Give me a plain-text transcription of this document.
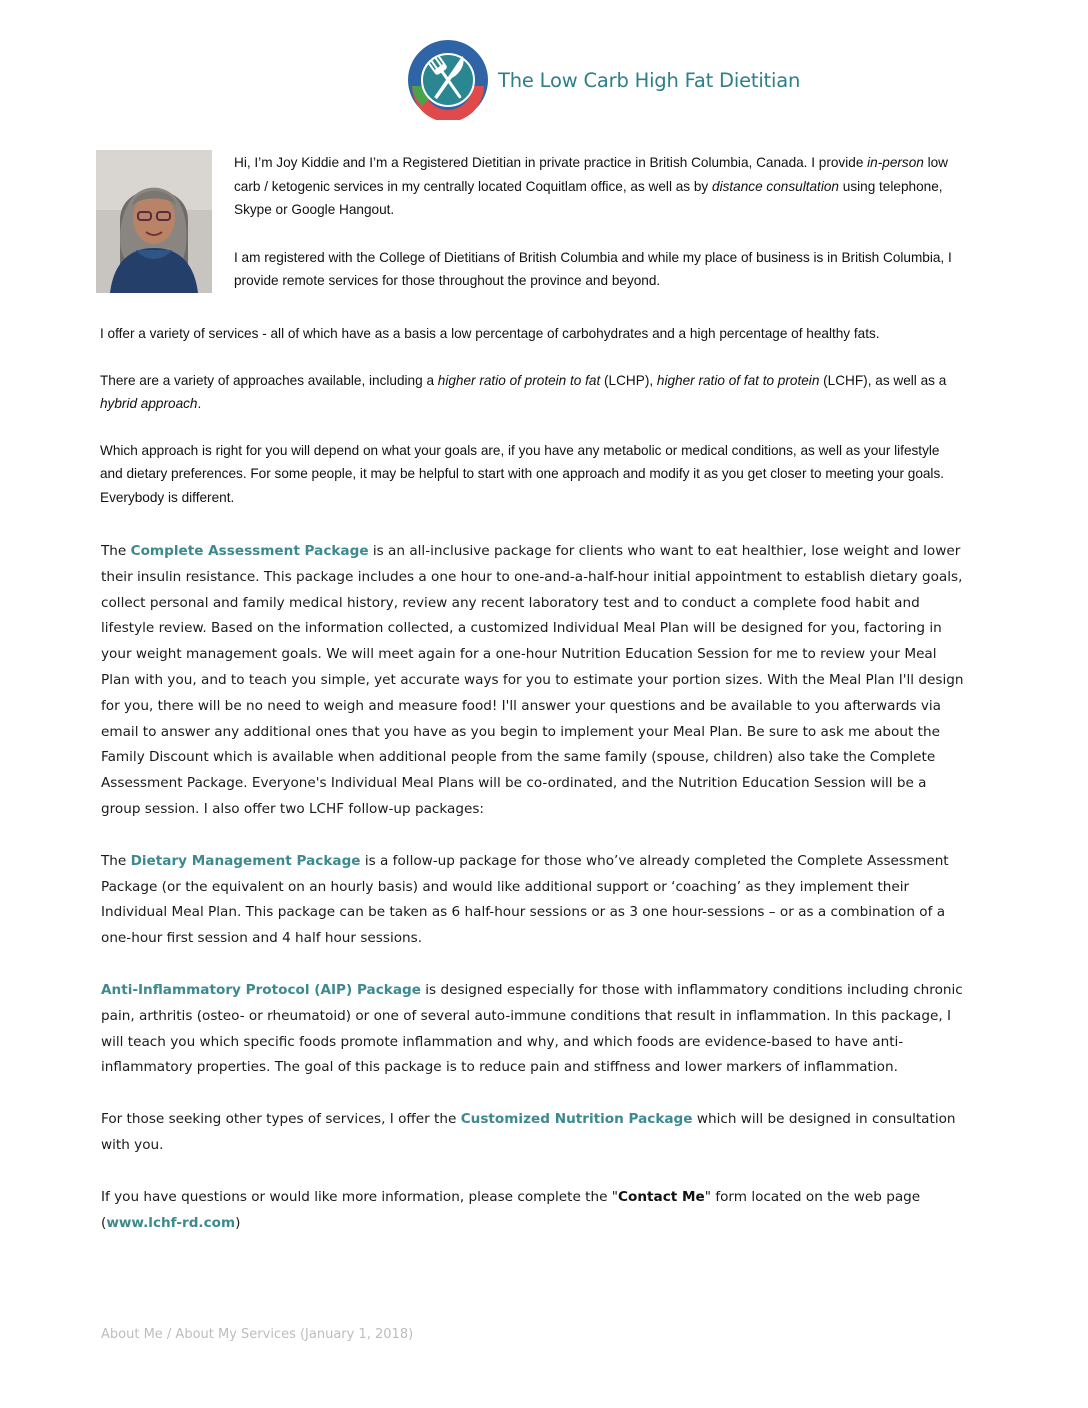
The Low Carb High Fat Dietitian

Hi, I’m Joy Kiddie and I’m a Registered Dietitian in private practice in British Columbia, Canada. I provide in-person low carb / ketogenic services in my centrally located Coquitlam office, as well as by distance consultation using telephone, Skype or Google Hangout.

I am registered with the College of Dietitians of British Columbia and while my place of business is in British Columbia, I provide remote services for those throughout the province and beyond.

I offer a variety of services - all of which have as a basis a low percentage of carbohydrates and a high percentage of healthy fats.

There are a variety of approaches available, including a higher ratio of protein to fat (LCHP), higher ratio of fat to protein (LCHF), as well as a hybrid approach.

Which approach is right for you will depend on what your goals are, if you have any metabolic or medical conditions, as well as your lifestyle and dietary preferences. For some people, it may be helpful to start with one approach and modify it as you get closer to meeting your goals. Everybody is different.

The Complete Assessment Package is an all-inclusive package for clients who want to eat healthier, lose weight and lower their insulin resistance. This package includes a one hour to one-and-a-half-hour initial appointment to establish dietary goals, collect personal and family medical history, review any recent laboratory test and to conduct a complete food habit and lifestyle review. Based on the information collected, a customized Individual Meal Plan will be designed for you, factoring in your weight management goals. We will meet again for a one-hour Nutrition Education Session for me to review your Meal Plan with you, and to teach you simple, yet accurate ways for you to estimate your portion sizes. With the Meal Plan I'll design for you, there will be no need to weigh and measure food! I'll answer your questions and be available to you afterwards via email to answer any additional ones that you have as you begin to implement your Meal Plan. Be sure to ask me about the Family Discount which is available when additional people from the same family (spouse, children) also take the Complete Assessment Package. Everyone's Individual Meal Plans will be co-ordinated, and the Nutrition Education Session will be a group session. I also offer two LCHF follow-up packages:

The Dietary Management Package is a follow-up package for those who’ve already completed the Complete Assessment Package (or the equivalent on an hourly basis) and would like additional support or ‘coaching’ as they implement their Individual Meal Plan. This package can be taken as 6 half-hour sessions or as 3 one hour-sessions – or as a combination of a one-hour first session and 4 half hour sessions.

Anti-Inflammatory Protocol (AIP) Package is designed especially for those with inflammatory conditions including chronic pain, arthritis (osteo- or rheumatoid) or one of several auto-immune conditions that result in inflammation. In this package, I will teach you which specific foods promote inflammation and why, and which foods are evidence-based to have anti-inflammatory properties. The goal of this package is to reduce pain and stiffness and lower markers of inflammation.

For those seeking other types of services, I offer the Customized Nutrition Package which will be designed in consultation with you.

If you have questions or would like more information, please complete the "Contact Me" form located on the web page (www.lchf-rd.com)

About Me / About My Services (January 1, 2018)
